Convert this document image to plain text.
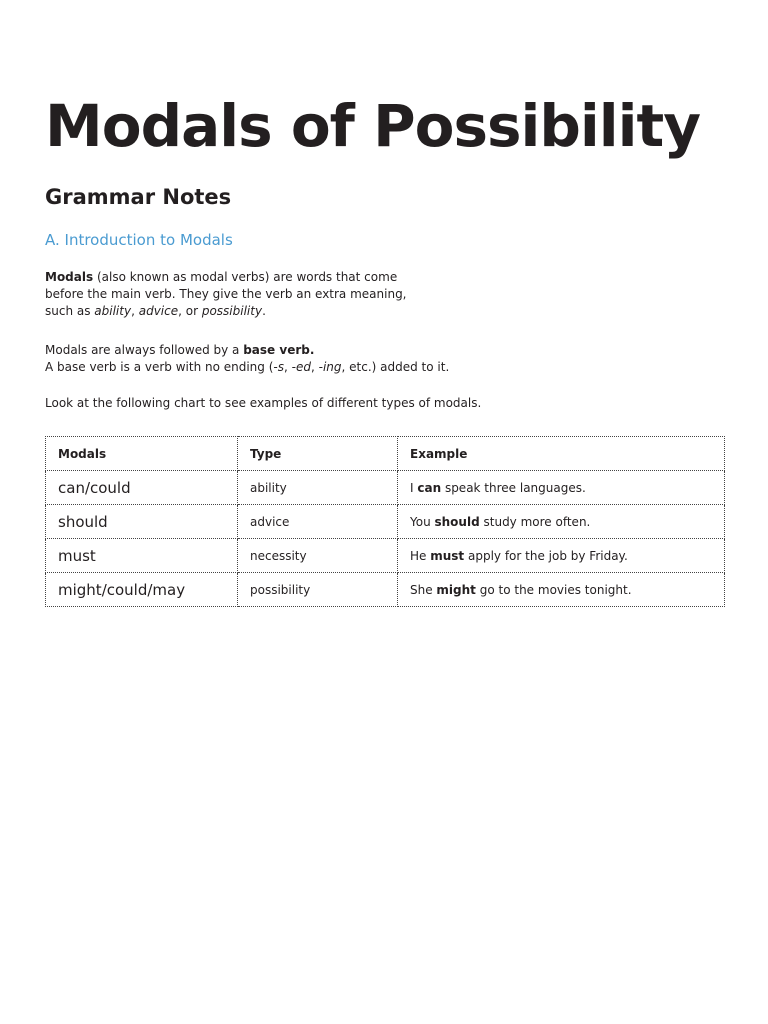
Modals of Possibility
Grammar Notes
A. Introduction to Modals

Modals (also known as modal verbs) are words that come
before the main verb. They give the verb an extra meaning,
such as ability, advice, or possibility.

Modals are always followed by a base verb.
A base verb is a verb with no ending (-s, -ed, -ing, etc.) added to it.

Look at the following chart to see examples of different types of modals.

Modals	Type	Example
can/could	ability	I can speak three languages.
should	advice	You should study more often.
must	necessity	He must apply for the job by Friday.
might/could/may	possibility	She might go to the movies tonight.
